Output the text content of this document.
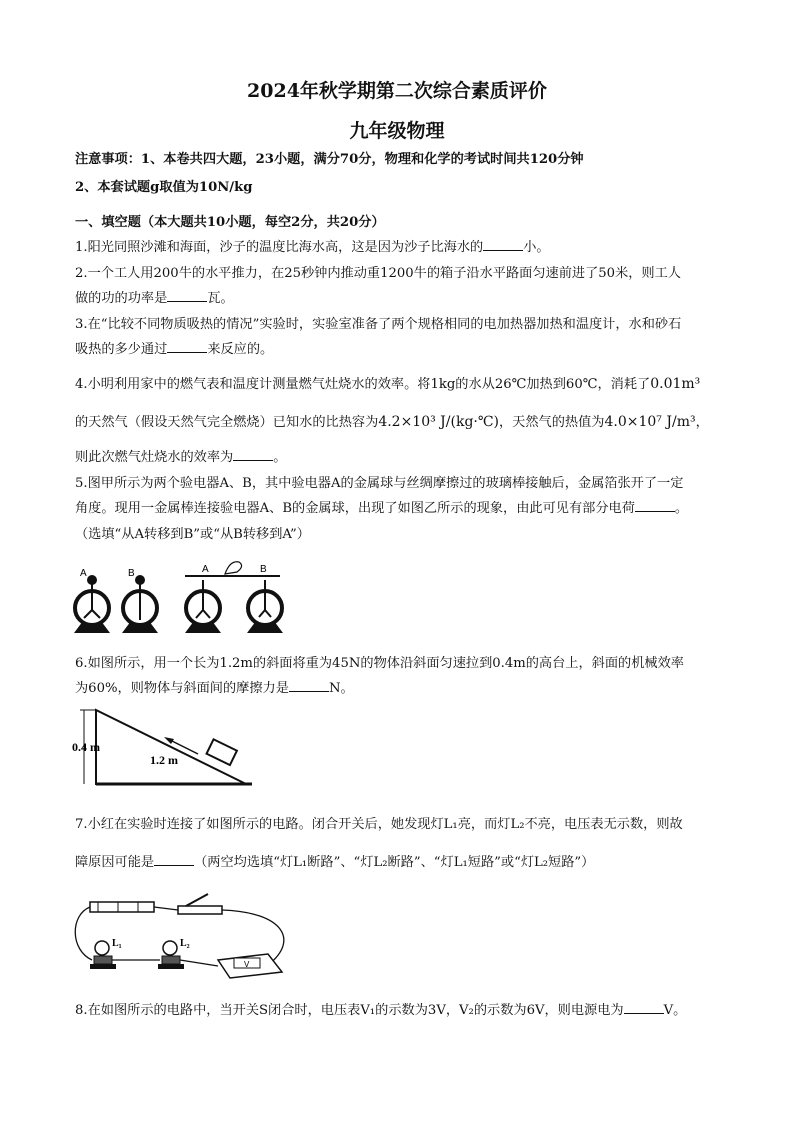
2024年秋学期第二次综合素质评价
九年级物理
注意事项：1、本卷共四大题，23小题，满分70分，物理和化学的考试时间共120分钟
2、本套试题g取值为10N/kg
一、填空题（本大题共10小题，每空2分，共20分）
1.阳光同照沙滩和海面，沙子的温度比海水高，这是因为沙子比海水的	小。
2.一个工人用200牛的水平推力，在25秒钟内推动重1200牛的箱子沿水平路面匀速前进了50米，则工人
做的功的功率是	瓦。
3.在“比较不同物质吸热的情况”实验时，实验室准备了两个规格相同的电加热器加热和温度计，水和砂石
吸热的多少通过	来反应的。
4.小明利用家中的燃气表和温度计测量燃气灶烧水的效率。将1kg的水从26℃加热到60℃，消耗了0.01m³
的天然气（假设天然气完全燃烧）已知水的比热容为4.2×10³ J/(kg·℃)，天然气的热值为4.0×10⁷ J/m³，
则此次燃气灶烧水的效率为	。
5.图甲所示为两个验电器A、B，其中验电器A的金属球与丝绸摩擦过的玻璃棒接触后，金属箔张开了一定
角度。现用一金属棒连接验电器A、B的金属球，出现了如图乙所示的现象，由此可见有部分电荷	。
（选填“从A转移到B”或“从B转移到A”）
A	B	A	B
6.如图所示，用一个长为1.2m的斜面将重为45N的物体沿斜面匀速拉到0.4m的高台上，斜面的机械效率
为60%，则物体与斜面间的摩擦力是	N。
0.4 m
1.2 m
7.小红在实验时连接了如图所示的电路。闭合开关后，她发现灯L₁亮，而灯L₂不亮，电压表无示数，则故
障原因可能是	（两空均选填“灯L₁断路”、“灯L₂断路”、“灯L₁短路”或“灯L₂短路”）
L₁	L₂
V
8.在如图所示的电路中，当开关S闭合时，电压表V₁的示数为3V，V₂的示数为6V，则电源电为	V。
